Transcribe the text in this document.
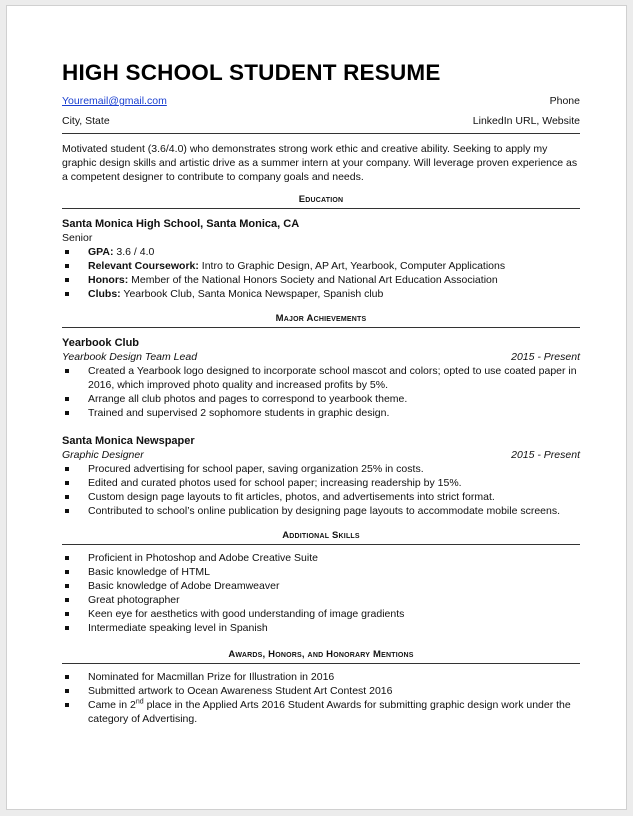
HIGH SCHOOL STUDENT RESUME
Youremail@gmail.com	Phone
City, State	LinkedIn URL, Website
Motivated student (3.6/4.0) who demonstrates strong work ethic and creative ability. Seeking to apply my graphic design skills and artistic drive as a summer intern at your company. Will leverage proven experience as a competent designer to contribute to company goals and needs.
Education
Santa Monica High School, Santa Monica, CA
Senior
GPA: 3.6 / 4.0
Relevant Coursework: Intro to Graphic Design, AP Art, Yearbook, Computer Applications
Honors: Member of the National Honors Society and National Art Education Association
Clubs: Yearbook Club, Santa Monica Newspaper, Spanish club
Major Achievements
Yearbook Club
Yearbook Design Team Lead	2015 - Present
Created a Yearbook logo designed to incorporate school mascot and colors; opted to use coated paper in 2016, which improved photo quality and increased profits by 5%.
Arrange all club photos and pages to correspond to yearbook theme.
Trained and supervised 2 sophomore students in graphic design.
Santa Monica Newspaper
Graphic Designer	2015 - Present
Procured advertising for school paper, saving organization 25% in costs.
Edited and curated photos used for school paper; increasing readership by 15%.
Custom design page layouts to fit articles, photos, and advertisements into strict format.
Contributed to school’s online publication by designing page layouts to accommodate mobile screens.
Additional Skills
Proficient in Photoshop and Adobe Creative Suite
Basic knowledge of HTML
Basic knowledge of Adobe Dreamweaver
Great photographer
Keen eye for aesthetics with good understanding of image gradients
Intermediate speaking level in Spanish
Awards, Honors, and Honorary Mentions
Nominated for Macmillan Prize for Illustration in 2016
Submitted artwork to Ocean Awareness Student Art Contest 2016
Came in 2nd place in the Applied Arts 2016 Student Awards for submitting graphic design work under the category of Advertising.
